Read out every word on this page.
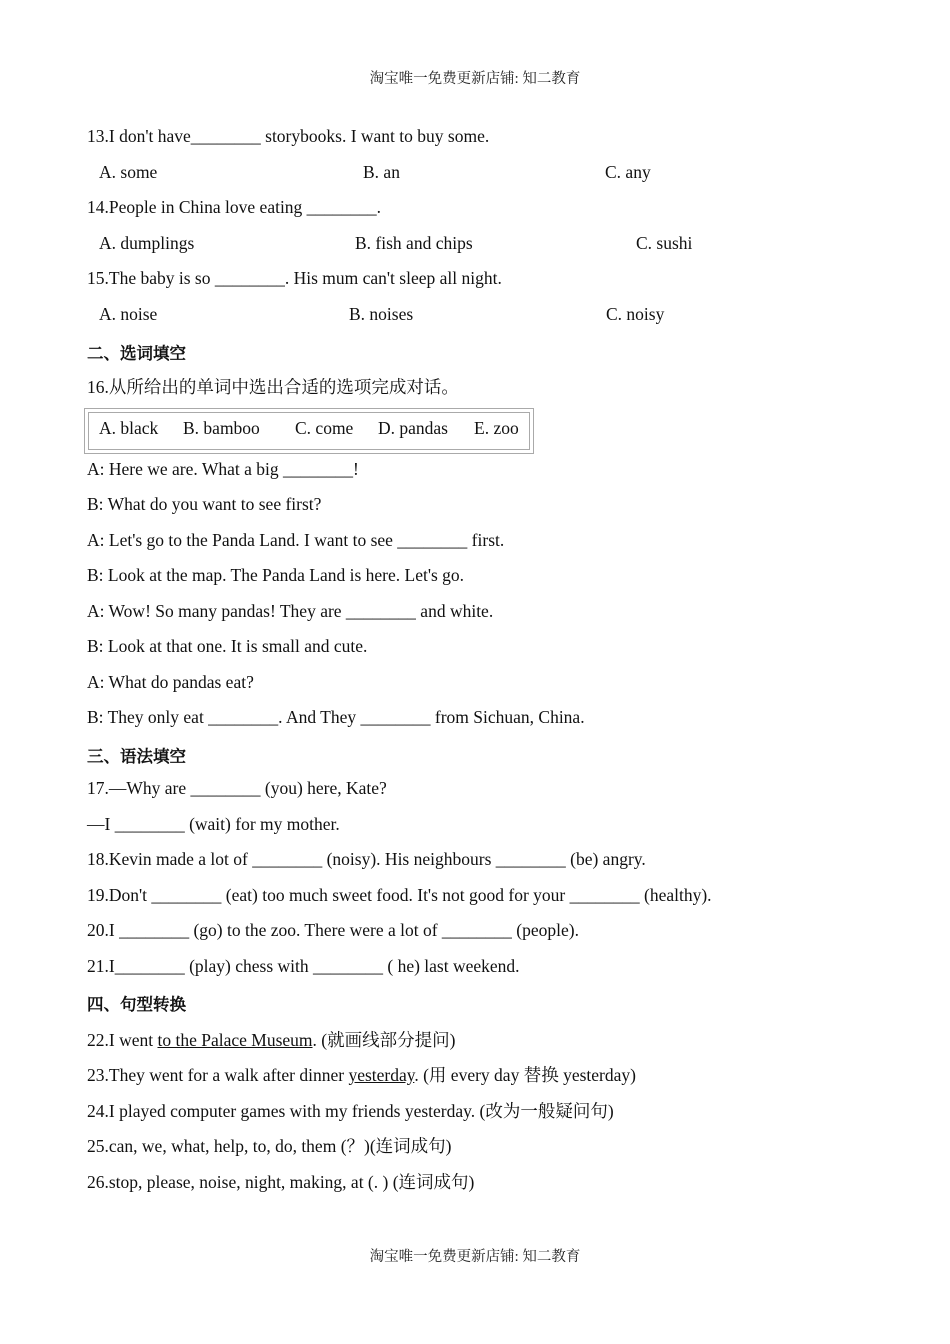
淘宝唯一免费更新店铺: 知二教育
13.I don't have________ storybooks. I want to buy some.
A. some	B. an	C. any
14.People in China love eating ________.
A. dumplings	B. fish and chips	C. sushi
15.The baby is so ________. His mum can't sleep all night.
A. noise	B. noises	C. noisy
二、选词填空
16.从所给出的单词中选出合适的选项完成对话。
A. black B. bamboo C. come D. pandas E. zoo
A: Here we are. What a big ________!
B: What do you want to see first?
A: Let's go to the Panda Land. I want to see ________ first.
B: Look at the map. The Panda Land is here. Let's go.
A: Wow! So many pandas! They are ________ and white.
B: Look at that one. It is small and cute.
A: What do pandas eat?
B: They only eat ________. And They ________ from Sichuan, China.
三、语法填空
17.—Why are ________ (you) here, Kate?
—I ________ (wait) for my mother.
18.Kevin made a lot of ________ (noisy). His neighbours ________ (be) angry.
19.Don't ________ (eat) too much sweet food. It's not good for your ________ (healthy).
20.I ________ (go) to the zoo. There were a lot of ________ (people).
21.I________ (play) chess with ________ ( he) last weekend.
四、句型转换
22.I went to the Palace Museum. (就画线部分提问)
23.They went for a walk after dinner yesterday. (用 every day 替换 yesterday)
24.I played computer games with my friends yesterday. (改为一般疑问句)
25.can, we, what, help, to, do, them (？)(连词成句)
26.stop, please, noise, night, making, at (. ) (连词成句)
淘宝唯一免费更新店铺: 知二教育
